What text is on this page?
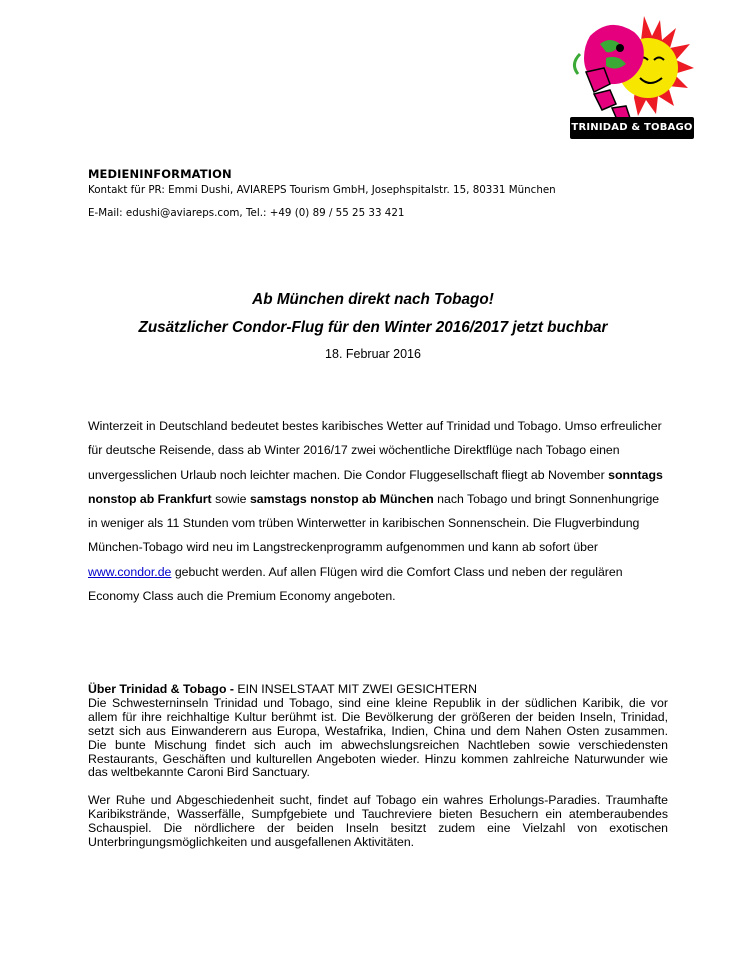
TRINIDAD & TOBAGO
MEDIENINFORMATION
Kontakt für PR: Emmi Dushi, AVIAREPS Tourism GmbH, Josephspitalstr. 15, 80331 München
E-Mail: edushi@aviareps.com, Tel.: +49 (0) 89 / 55 25 33 421
Ab München direkt nach Tobago!
Zusätzlicher Condor-Flug für den Winter 2016/2017 jetzt buchbar
18. Februar 2016
Winterzeit in Deutschland bedeutet bestes karibisches Wetter auf Trinidad und Tobago. Umso erfreulicher für deutsche Reisende, dass ab Winter 2016/17 zwei wöchentliche Direktflüge nach Tobago einen unvergesslichen Urlaub noch leichter machen. Die Condor Fluggesellschaft fliegt ab November sonntags nonstop ab Frankfurt sowie samstags nonstop ab München nach Tobago und bringt Sonnenhungrige in weniger als 11 Stunden vom trüben Winterwetter in karibischen Sonnenschein. Die Flugverbindung München-Tobago wird neu im Langstreckenprogramm aufgenommen und kann ab sofort über www.condor.de gebucht werden. Auf allen Flügen wird die Comfort Class und neben der regulären Economy Class auch die Premium Economy angeboten.
Über Trinidad & Tobago - EIN INSELSTAAT MIT ZWEI GESICHTERN

Die Schwesterninseln Trinidad und Tobago, sind eine kleine Republik in der südlichen Karibik, die vor allem für ihre reichhaltige Kultur berühmt ist. Die Bevölkerung der größeren der beiden Inseln, Trinidad, setzt sich aus Einwanderern aus Europa, Westafrika, Indien, China und dem Nahen Osten zusammen. Die bunte Mischung findet sich auch im abwechslungsreichen Nachtleben sowie verschiedensten Restaurants, Geschäften und kulturellen Angeboten wieder. Hinzu kommen zahlreiche Naturwunder wie das weltbekannte Caroni Bird Sanctuary.

Wer Ruhe und Abgeschiedenheit sucht, findet auf Tobago ein wahres Erholungs-Paradies. Traumhafte Karibikstrände, Wasserfälle, Sumpfgebiete und Tauchreviere bieten Besuchern ein atemberaubendes Schauspiel. Die nördlichere der beiden Inseln besitzt zudem eine Vielzahl von exotischen Unterbringungsmöglichkeiten und ausgefallenen Aktivitäten.
